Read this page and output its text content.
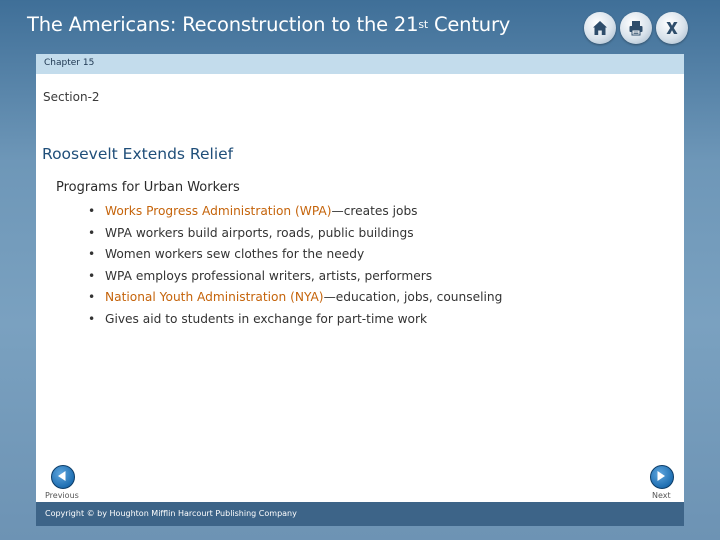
The Americans: Reconstruction to the 21st Century
Chapter 15
Section-2
Roosevelt Extends Relief
Programs for Urban Workers
• Works Progress Administration (WPA)—creates jobs
• WPA workers build airports, roads, public buildings
• Women workers sew clothes for the needy
• WPA employs professional writers, artists, performers
• National Youth Administration (NYA)—education, jobs, counseling
• Gives aid to students in exchange for part-time work
Previous	Next
Copyright © by Houghton Mifflin Harcourt Publishing Company
